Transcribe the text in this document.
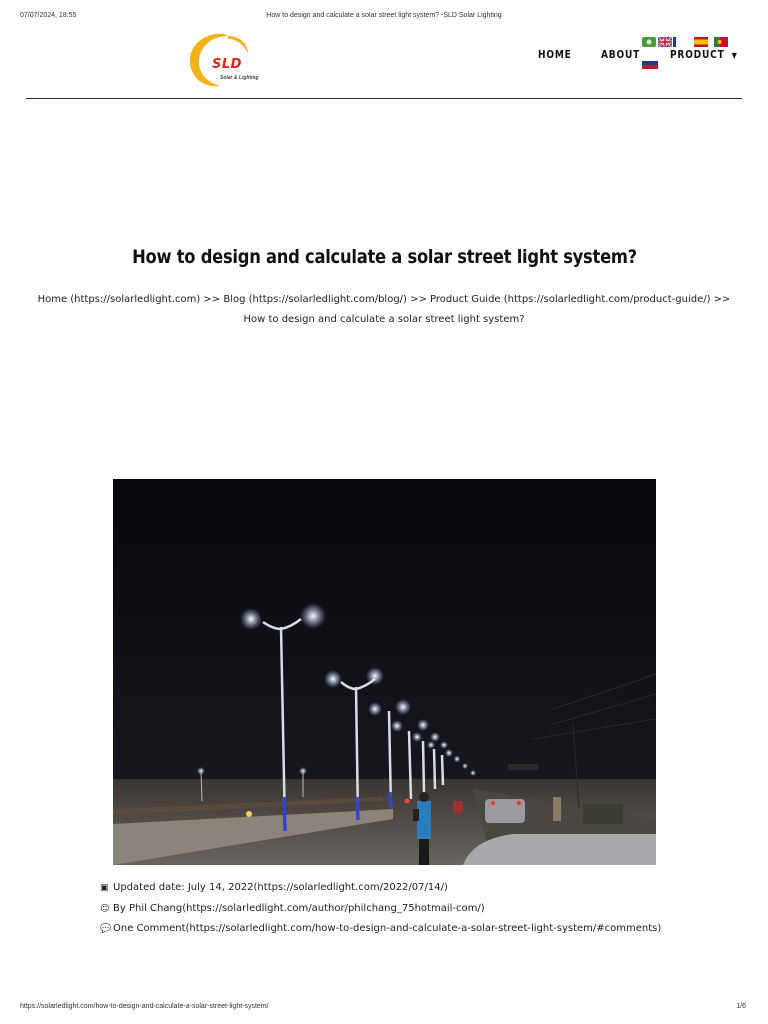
07/07/2024, 18:55	How to design and calculate a solar street light system? -SLD Solar Lighting
SLD
Solar & Lighting
HOME	ABOUT	PRODUCT ▼
How to design and calculate a solar street light system?
Home (https://solarledlight.com) >> Blog (https://solarledlight.com/blog/) >> Product Guide (https://solarledlight.com/product-guide/) >>
How to design and calculate a solar street light system?
▣ Updated date: July 14, 2022(https://solarledlight.com/2022/07/14/)
☺ By Phil Chang(https://solarledlight.com/author/philchang_75hotmail-com/)
💬 One Comment(https://solarledlight.com/how-to-design-and-calculate-a-solar-street-light-system/#comments)
https://solarledlight.com/how-to-design-and-calculate-a-solar-street-light-system/	1/6
